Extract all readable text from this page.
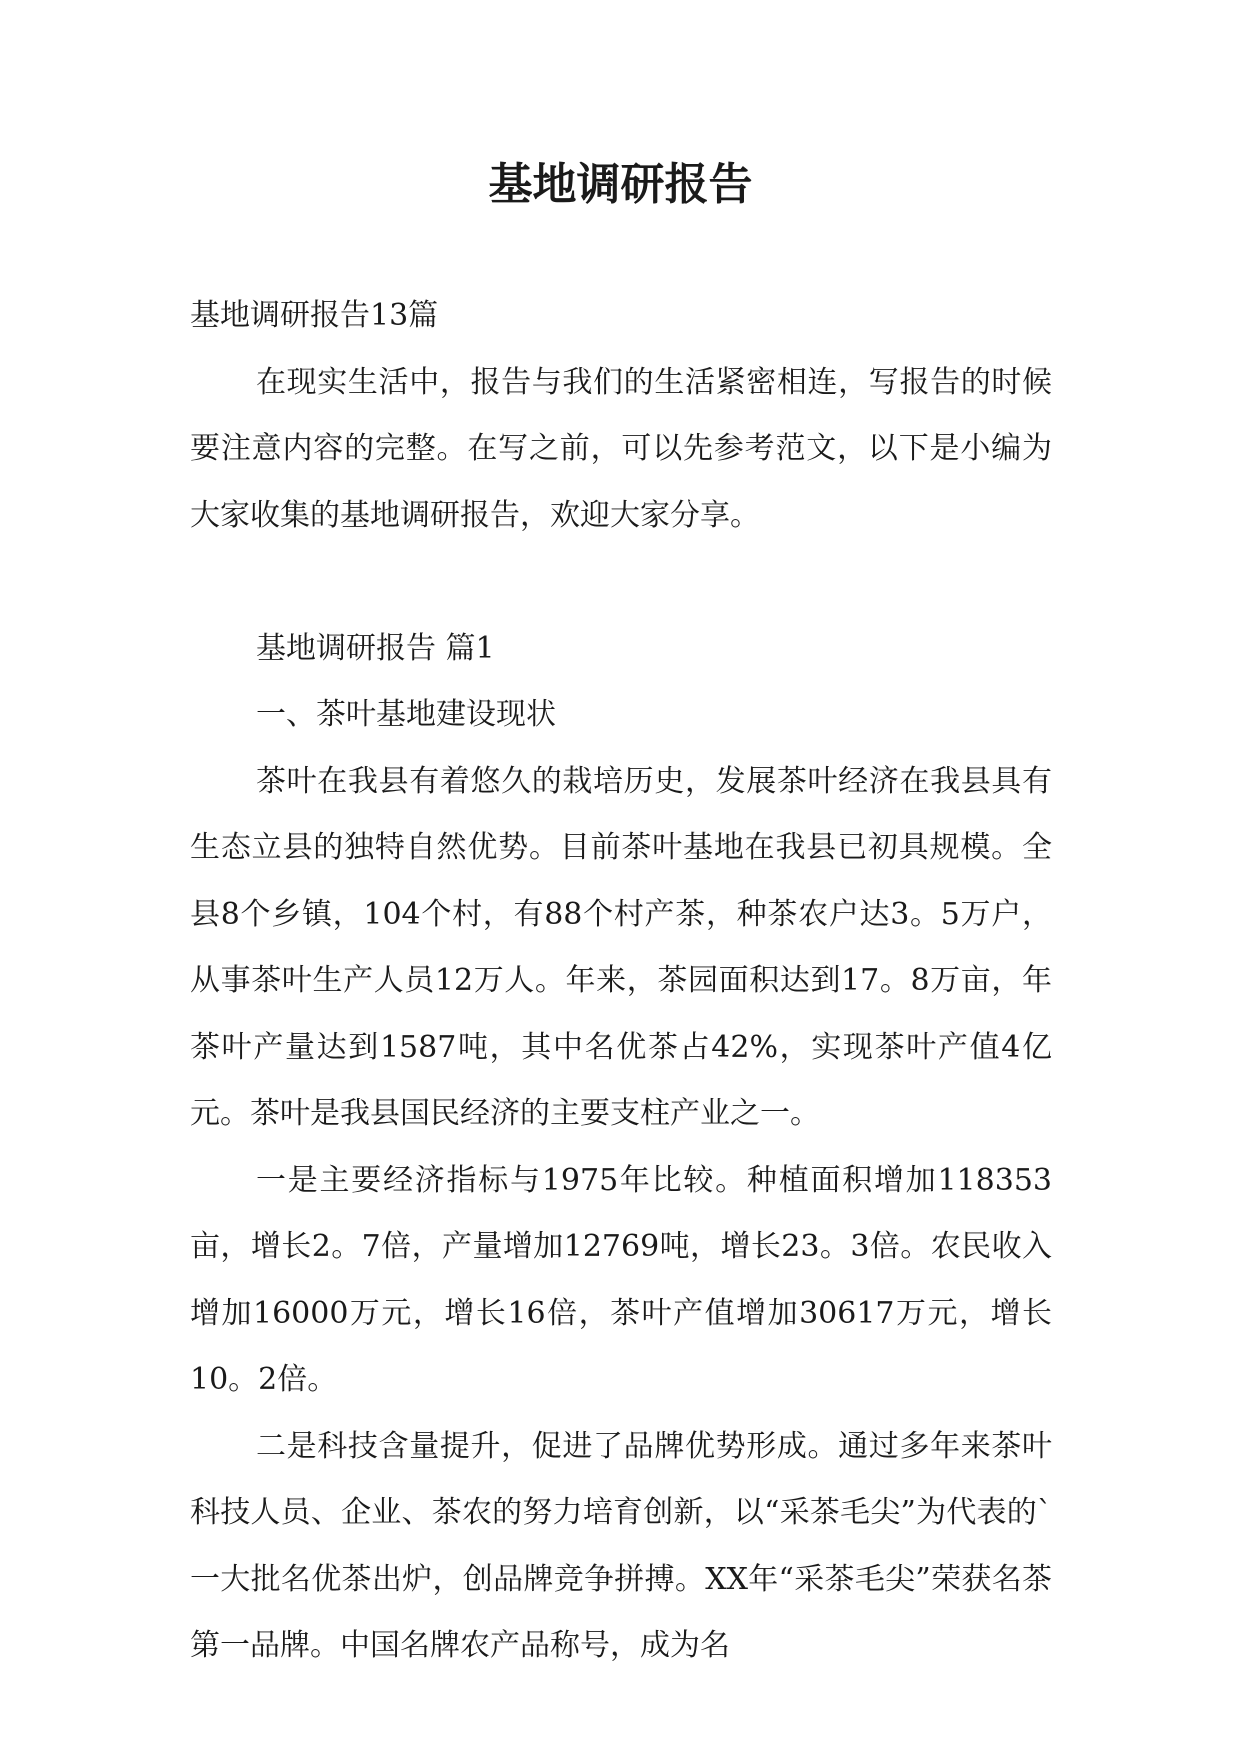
基地调研报告

基地调研报告13篇

在现实生活中，报告与我们的生活紧密相连，写报告的时候要注意内容的完整。在写之前，可以先参考范文，以下是小编为大家收集的基地调研报告，欢迎大家分享。

基地调研报告 篇1

一、茶叶基地建设现状

茶叶在我县有着悠久的栽培历史，发展茶叶经济在我县具有生态立县的独特自然优势。目前茶叶基地在我县已初具规模。全县8个乡镇，104个村，有88个村产茶，种茶农户达3。5万户，从事茶叶生产人员12万人。年来，茶园面积达到17。8万亩，年茶叶产量达到1587吨，其中名优茶占42%，实现茶叶产值4亿元。茶叶是我县国民经济的主要支柱产业之一。

一是主要经济指标与1975年比较。种植面积增加118353亩，增长2。7倍，产量增加12769吨，增长23。3倍。农民收入增加16000万元，增长16倍，茶叶产值增加30617万元，增长10。2倍。

二是科技含量提升，促进了品牌优势形成。通过多年来茶叶科技人员、企业、茶农的努力培育创新，以“采茶毛尖”为代表的`一大批名优茶出炉，创品牌竞争拼搏。XX年“采茶毛尖”荣获名茶第一品牌。中国名牌农产品称号，成为名
